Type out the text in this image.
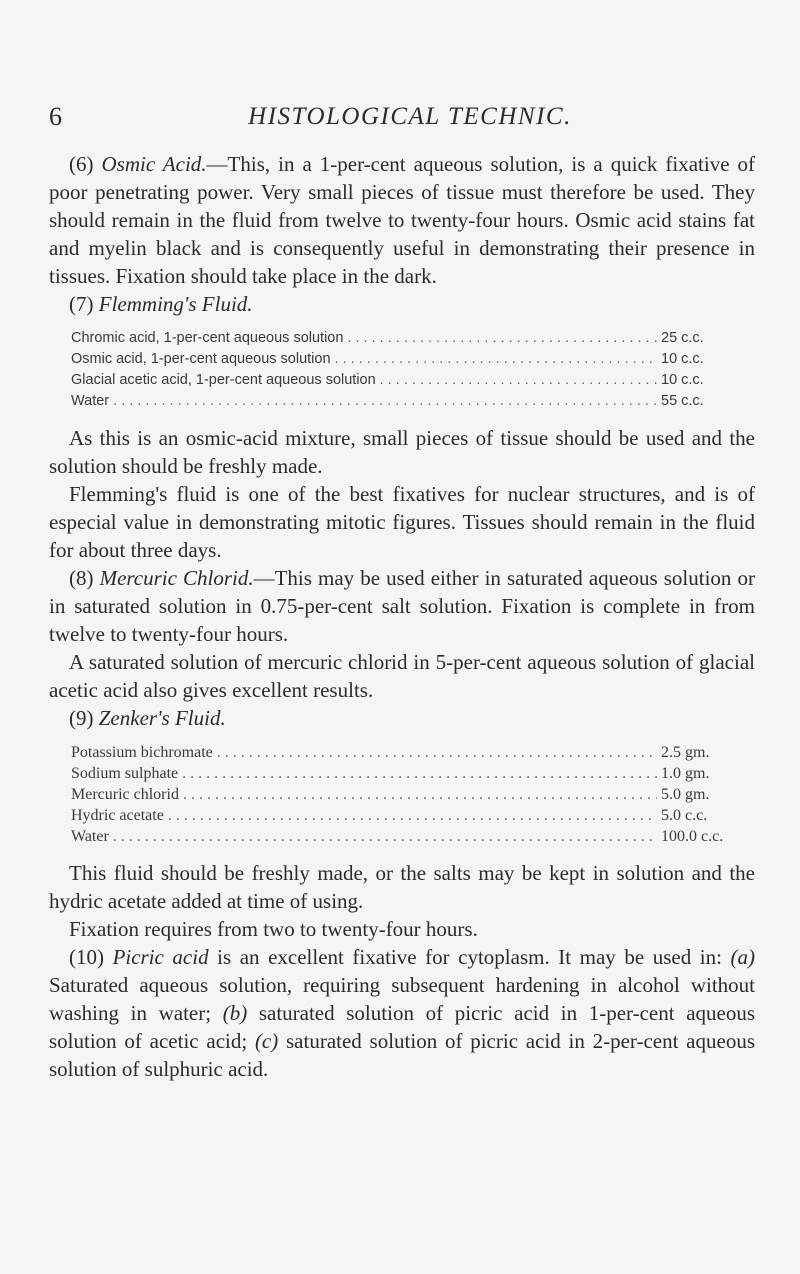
6	HISTOLOGICAL TECHNIC.

(6) Osmic Acid.—This, in a 1-per-cent aqueous solution, is a quick fixative of poor penetrating power. Very small pieces of tissue must therefore be used. They should remain in the fluid from twelve to twenty-four hours. Osmic acid stains fat and myelin black and is consequently useful in demonstrating their presence in tissues. Fixation should take place in the dark.

(7) Flemming's Fluid.

Chromic acid, 1-per-cent aqueous solution . . .	25 c.c.
Osmic acid, 1-per-cent aqueous solution . . .	10 c.c.
Glacial acetic acid, 1-per-cent aqueous solution . . .	10 c.c.
Water . . .	55 c.c.

As this is an osmic-acid mixture, small pieces of tissue should be used and the solution should be freshly made.

Flemming's fluid is one of the best fixatives for nuclear structures, and is of especial value in demonstrating mitotic figures. Tissues should remain in the fluid for about three days.

(8) Mercuric Chlorid.—This may be used either in saturated aqueous solution or in saturated solution in 0.75-per-cent salt solution. Fixation is complete in from twelve to twenty-four hours.

A saturated solution of mercuric chlorid in 5-per-cent aqueous solution of glacial acetic acid also gives excellent results.

(9) Zenker's Fluid.

Potassium bichromate . . .	2.5 gm.
Sodium sulphate . . .	1.0 gm.
Mercuric chlorid . . .	5.0 gm.
Hydric acetate . . .	5.0 c.c.
Water . . .	100.0 c.c.

This fluid should be freshly made, or the salts may be kept in solution and the hydric acetate added at time of using.

Fixation requires from two to twenty-four hours.

(10) Picric acid is an excellent fixative for cytoplasm. It may be used in: (a) Saturated aqueous solution, requiring subsequent hardening in alcohol without washing in water; (b) saturated solution of picric acid in 1-per-cent aqueous solution of acetic acid; (c) saturated solution of picric acid in 2-per-cent aqueous solution of sulphuric acid.
